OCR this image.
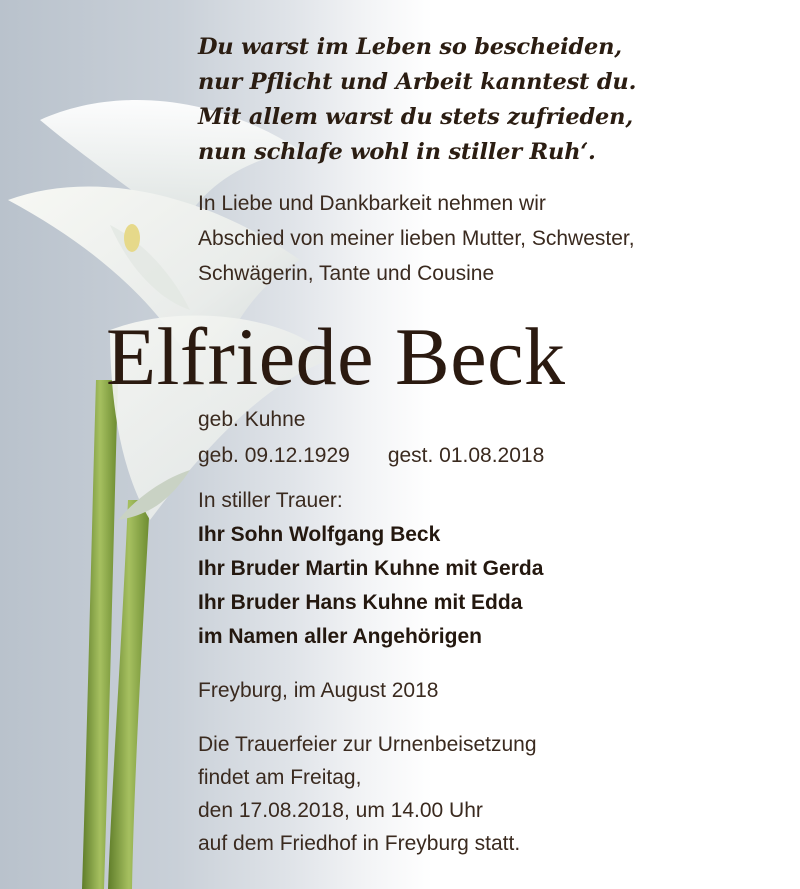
Du warst im Leben so bescheiden,
nur Pflicht und Arbeit kanntest du.
Mit allem warst du stets zufrieden,
nun schlafe wohl in stiller Ruh‘.
In Liebe und Dankbarkeit nehmen wir
Abschied von meiner lieben Mutter, Schwester,
Schwägerin, Tante und Cousine
Elfriede Beck
geb. Kuhne
geb. 09.12.1929 gest. 01.08.2018
In stiller Trauer:
Ihr Sohn Wolfgang Beck
Ihr Bruder Martin Kuhne mit Gerda
Ihr Bruder Hans Kuhne mit Edda
im Namen aller Angehörigen
Freyburg, im August 2018
Die Trauerfeier zur Urnenbeisetzung
findet am Freitag,
den 17.08.2018, um 14.00 Uhr
auf dem Friedhof in Freyburg statt.
